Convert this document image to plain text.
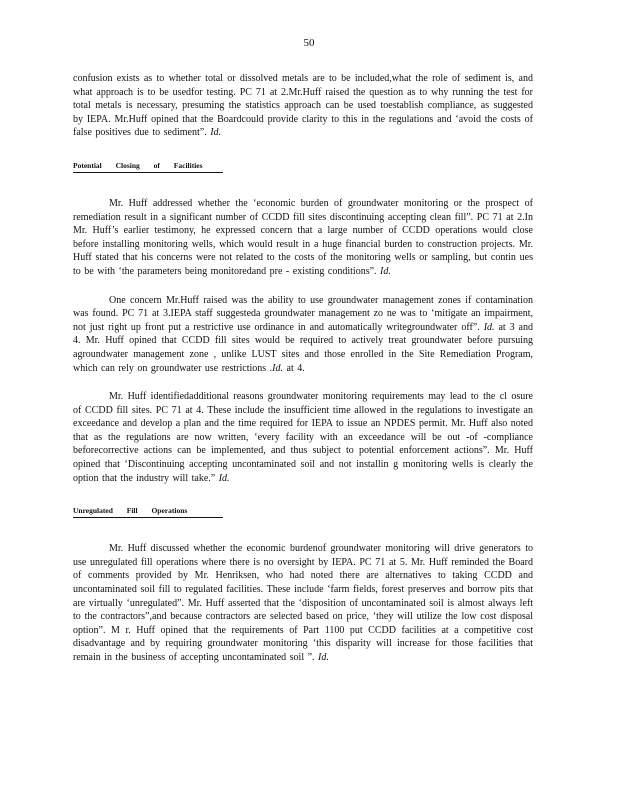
50

confusion exists as to whether total or dissolved metals are to be included,what the role of sediment is, and what approach is to be usedfor testing. PC 71 at 2.Mr.Huff raised the question as to why running the test for total metals is necessary, presuming the statistics approach can be used toestablish compliance, as suggested by IEPA. Mr.Huff opined that the Boardcould provide clarity to this in the regulations and ‘avoid the costs of false positives due to sediment”. Id.

Potential Closing of Facilities

Mr. Huff addressed whether the ‘economic burden of groundwater monitoring or the prospect of remediation result in a significant number of CCDD fill sites discontinuing accepting clean fill”. PC 71 at 2.In Mr. Huff’s earlier testimony, he expressed concern that a large number of CCDD operations would close before installing monitoring wells, which would result in a huge financial burden to construction projects. Mr. Huff stated that his concerns were not related to the costs of the monitoring wells or sampling, but contin ues to be with ‘the parameters being monitoredand pre - existing conditions”. Id.

One concern Mr.Huff raised was the ability to use groundwater management zones if contamination was found. PC 71 at 3.IEPA staff suggesteda groundwater management zo ne was to ‘mitigate an impairment, not just right up front put a restrictive use ordinance in and automatically writegroundwater off”. Id. at 3 and 4. Mr. Huff opined that CCDD fill sites would be required to actively treat groundwater before pursuing agroundwater management zone , unlike LUST sites and those enrolled in the Site Remediation Program, which can rely on groundwater use restrictions .Id. at 4.

Mr. Huff identifiedadditional reasons groundwater monitoring requirements may lead to the cl osure of CCDD fill sites. PC 71 at 4. These include the insufficient time allowed in the regulations to investigate an exceedance and develop a plan and the time required for IEPA to issue an NPDES permit. Mr. Huff also noted that as the regulations are now written, ‘every facility with an exceedance will be out -of -compliance beforecorrective actions can be implemented, and thus subject to potential enforcement actions”. Mr. Huff opined that ‘Discontinuing accepting uncontaminated soil and not installin g monitoring wells is clearly the option that the industry will take.” Id.

Unregulated Fill Operations

Mr. Huff discussed whether the economic burdenof groundwater monitoring will drive generators to use unregulated fill operations where there is no oversight by IEPA. PC 71 at 5. Mr. Huff reminded the Board of comments provided by Mr. Henriksen, who had noted there are alternatives to taking CCDD and uncontaminated soil fill to regulated facilities. These include ‘farm fields, forest preserves and borrow pits that are virtually ‘unregulated”. Mr. Huff asserted that the ‘disposition of uncontaminated soil is almost always left to the contractors”,and because contractors are selected based on price, ‘they will utilize the low cost disposal option”. M r. Huff opined that the requirements of Part 1100 put CCDD facilities at a competitive cost disadvantage and by requiring groundwater monitoring ‘this disparity will increase for those facilities that remain in the business of accepting uncontaminated soil ”. Id.
